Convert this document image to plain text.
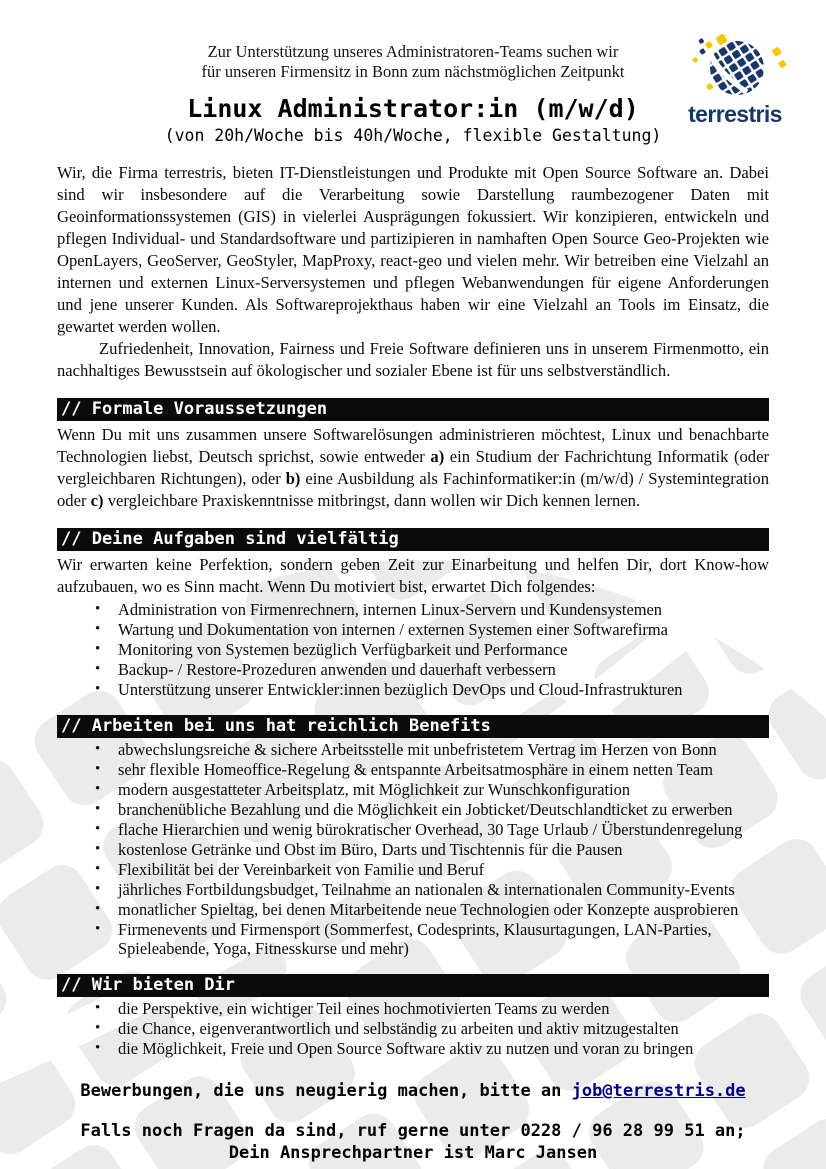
Zur Unterstützung unseres Administratoren-Teams suchen wir
für unseren Firmensitz in Bonn zum nächstmöglichen Zeitpunkt
terrestris
Linux Administrator:in (m/w/d)
(von 20h/Woche bis 40h/Woche, flexible Gestaltung)

Wir, die Firma terrestris, bieten IT-Dienstleistungen und Produkte mit Open Source Software an. Dabei sind wir insbesondere auf die Verarbeitung sowie Darstellung raumbezogener Daten mit Geoinformationssystemen (GIS) in vielerlei Ausprägungen fokussiert. Wir konzipieren, entwickeln und pflegen Individual- und Standardsoftware und partizipieren in namhaften Open Source Geo-Projekten wie OpenLayers, GeoServer, GeoStyler, MapProxy, react-geo und vielen mehr. Wir betreiben eine Vielzahl an internen und externen Linux-Serversystemen und pflegen Webanwendungen für eigene Anforderungen und jene unserer Kunden. Als Softwareprojekthaus haben wir eine Vielzahl an Tools im Einsatz, die gewartet werden wollen.

Zufriedenheit, Innovation, Fairness und Freie Software definieren uns in unserem Firmenmotto, ein nachhaltiges Bewusstsein auf ökologischer und sozialer Ebene ist für uns selbstverständlich.

// Formale Voraussetzungen

Wenn Du mit uns zusammen unsere Softwarelösungen administrieren möchtest, Linux und benachbarte Technologien liebst, Deutsch sprichst, sowie entweder a) ein Studium der Fachrichtung Informatik (oder vergleichbaren Richtungen), oder b) eine Ausbildung als Fachinformatiker:in (m/w/d) / Systemintegration oder c) vergleichbare Praxiskenntnisse mitbringst, dann wollen wir Dich kennen lernen.

// Deine Aufgaben sind vielfältig

Wir erwarten keine Perfektion, sondern geben Zeit zur Einarbeitung und helfen Dir, dort Know-how aufzubauen, wo es Sinn macht. Wenn Du motiviert bist, erwartet Dich folgendes:

• Administration von Firmenrechnern, internen Linux-Servern und Kundensystemen
• Wartung und Dokumentation von internen / externen Systemen einer Softwarefirma
• Monitoring von Systemen bezüglich Verfügbarkeit und Performance
• Backup- / Restore-Prozeduren anwenden und dauerhaft verbessern
• Unterstützung unserer Entwickler:innen bezüglich DevOps und Cloud-Infrastrukturen
// Arbeiten bei uns hat reichlich Benefits
• abwechslungsreiche & sichere Arbeitsstelle mit unbefristetem Vertrag im Herzen von Bonn
• sehr flexible Homeoffice-Regelung & entspannte Arbeitsatmosphäre in einem netten Team
• modern ausgestatteter Arbeitsplatz, mit Möglichkeit zur Wunschkonfiguration
• branchenübliche Bezahlung und die Möglichkeit ein Jobticket/Deutschlandticket zu erwerben
• flache Hierarchien und wenig bürokratischer Overhead, 30 Tage Urlaub / Überstundenregelung
• kostenlose Getränke und Obst im Büro, Darts und Tischtennis für die Pausen
• Flexibilität bei der Vereinbarkeit von Familie und Beruf
• jährliches Fortbildungsbudget, Teilnahme an nationalen & internationalen Community-Events
• monatlicher Spieltag, bei denen Mitarbeitende neue Technologien oder Konzepte ausprobieren
• Firmenevents und Firmensport (Sommerfest, Codesprints, Klausurtagungen, LAN-Parties, Spieleabende, Yoga, Fitnesskurse und mehr)
// Wir bieten Dir
• die Perspektive, ein wichtiger Teil eines hochmotivierten Teams zu werden
• die Chance, eigenverantwortlich und selbständig zu arbeiten und aktiv mitzugestalten
• die Möglichkeit, Freie und Open Source Software aktiv zu nutzen und voran zu bringen
Bewerbungen, die uns neugierig machen, bitte an job@terrestris.de
Falls noch Fragen da sind, ruf gerne unter 0228 / 96 28 99 51 an;
Dein Ansprechpartner ist Marc Jansen
